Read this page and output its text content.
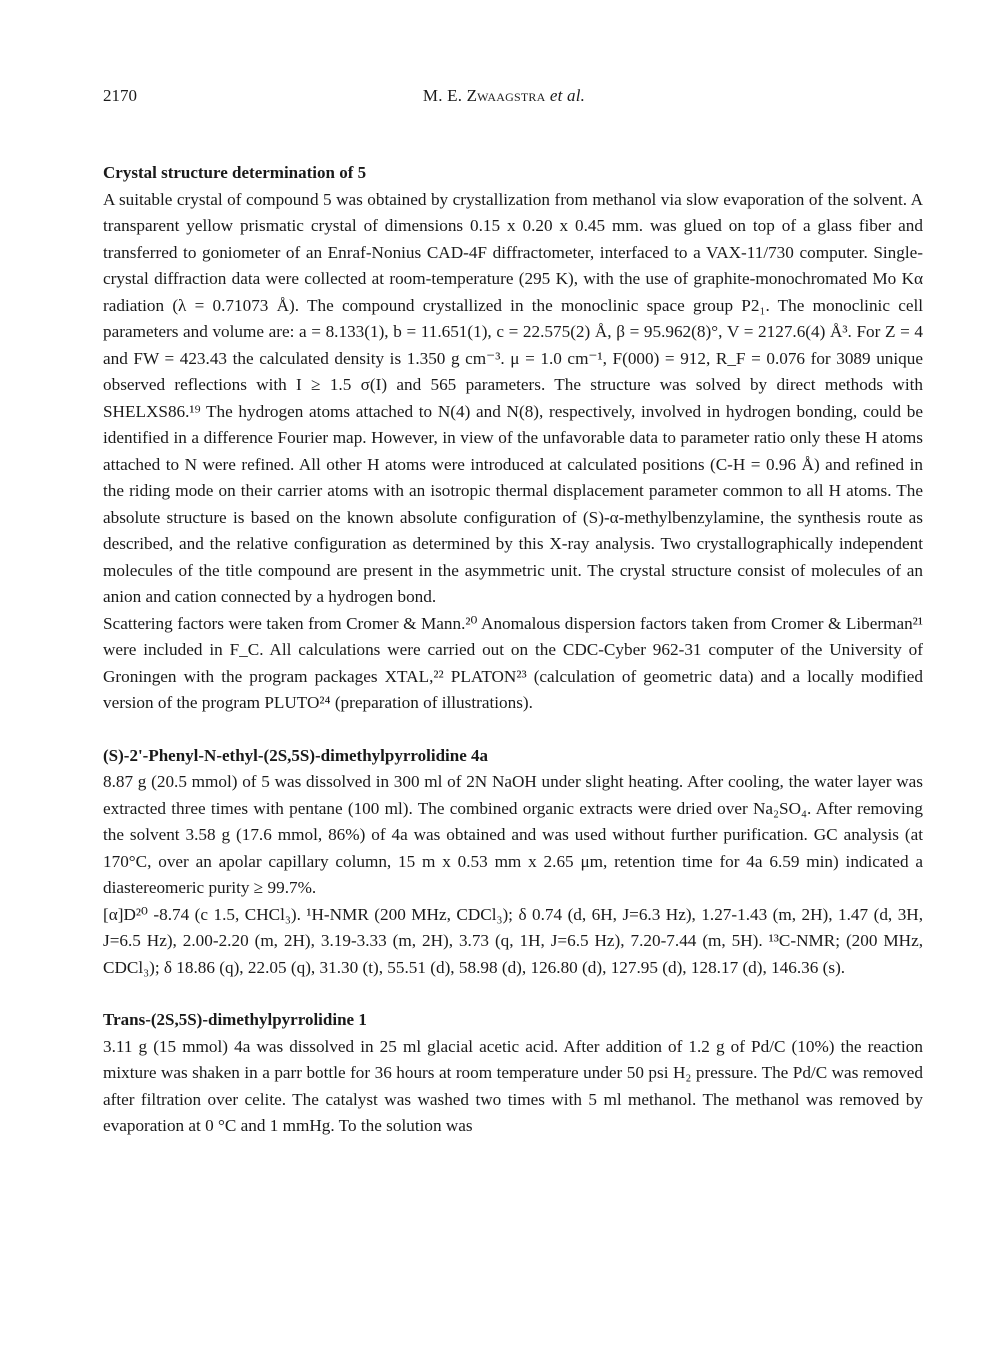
2170	M. E. Zwaagstra et al.

Crystal structure determination of 5

A suitable crystal of compound 5 was obtained by crystallization from methanol via slow evaporation of the solvent. A transparent yellow prismatic crystal of dimensions 0.15 x 0.20 x 0.45 mm. was glued on top of a glass fiber and transferred to goniometer of an Enraf-Nonius CAD-4F diffractometer, interfaced to a VAX-11/730 computer. Single-crystal diffraction data were collected at room-temperature (295 K), with the use of graphite-monochromated Mo Kα radiation (λ = 0.71073 Å). The compound crystallized in the monoclinic space group P2₁. The monoclinic cell parameters and volume are: a = 8.133(1), b = 11.651(1), c = 22.575(2) Å, β = 95.962(8)°, V = 2127.6(4) Å³. For Z = 4 and FW = 423.43 the calculated density is 1.350 g cm⁻³. μ = 1.0 cm⁻¹, F(000) = 912, R_F = 0.076 for 3089 unique observed reflections with I ≥ 1.5 σ(I) and 565 parameters. The structure was solved by direct methods with SHELXS86.¹⁹ The hydrogen atoms attached to N(4) and N(8), respectively, involved in hydrogen bonding, could be identified in a difference Fourier map. However, in view of the unfavorable data to parameter ratio only these H atoms attached to N were refined. All other H atoms were introduced at calculated positions (C-H = 0.96 Å) and refined in the riding mode on their carrier atoms with an isotropic thermal displacement parameter common to all H atoms. The absolute structure is based on the known absolute configuration of (S)-α-methylbenzylamine, the synthesis route as described, and the relative configuration as determined by this X-ray analysis. Two crystallographically independent molecules of the title compound are present in the asymmetric unit. The crystal structure consist of molecules of an anion and cation connected by a hydrogen bond.

Scattering factors were taken from Cromer & Mann.²⁰ Anomalous dispersion factors taken from Cromer & Liberman²¹ were included in F_C. All calculations were carried out on the CDC-Cyber 962-31 computer of the University of Groningen with the program packages XTAL,²² PLATON²³ (calculation of geometric data) and a locally modified version of the program PLUTO²⁴ (preparation of illustrations).

(S)-2'-Phenyl-N-ethyl-(2S,5S)-dimethylpyrrolidine 4a

8.87 g (20.5 mmol) of 5 was dissolved in 300 ml of 2N NaOH under slight heating. After cooling, the water layer was extracted three times with pentane (100 ml). The combined organic extracts were dried over Na₂SO₄. After removing the solvent 3.58 g (17.6 mmol, 86%) of 4a was obtained and was used without further purification. GC analysis (at 170°C, over an apolar capillary column, 15 m x 0.53 mm x 2.65 μm, retention time for 4a 6.59 min) indicated a diastereomeric purity ≥ 99.7%.

[α]D²⁰ -8.74 (c 1.5, CHCl₃). ¹H-NMR (200 MHz, CDCl₃); δ 0.74 (d, 6H, J=6.3 Hz), 1.27-1.43 (m, 2H), 1.47 (d, 3H, J=6.5 Hz), 2.00-2.20 (m, 2H), 3.19-3.33 (m, 2H), 3.73 (q, 1H, J=6.5 Hz), 7.20-7.44 (m, 5H). ¹³C-NMR; (200 MHz, CDCl₃); δ 18.86 (q), 22.05 (q), 31.30 (t), 55.51 (d), 58.98 (d), 126.80 (d), 127.95 (d), 128.17 (d), 146.36 (s).

Trans-(2S,5S)-dimethylpyrrolidine 1

3.11 g (15 mmol) 4a was dissolved in 25 ml glacial acetic acid. After addition of 1.2 g of Pd/C (10%) the reaction mixture was shaken in a parr bottle for 36 hours at room temperature under 50 psi H₂ pressure. The Pd/C was removed after filtration over celite. The catalyst was washed two times with 5 ml methanol. The methanol was removed by evaporation at 0 °C and 1 mmHg. To the solution was
